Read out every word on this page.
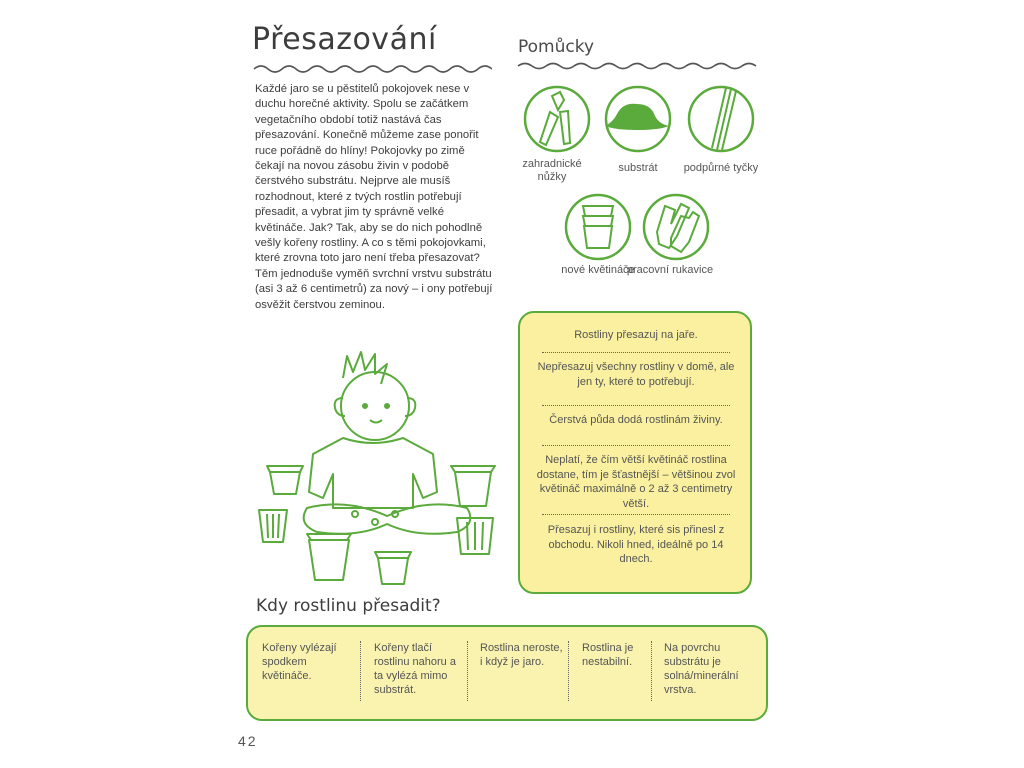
Přesazování

Každé jaro se u pěstitelů pokojovek nese v duchu horečné aktivity. Spolu se začátkem vegetačního období totiž nastává čas přesazování. Konečně můžeme zase ponořit ruce pořádně do hlíny! Pokojovky po zimě čekají na novou zásobu živin v podobě čerstvého substrátu. Nejprve ale musíš rozhodnout, které z tvých rostlin potřebují přesadit, a vybrat jim ty správně velké květináče. Jak? Tak, aby se do nich pohodlně vešly kořeny rostliny. A co s těmi pokojovkami, které zrovna toto jaro není třeba přesazovat? Těm jednoduše vyměň svrchní vrstvu substrátu (asi 3 až 6 centimetrů) za nový – i ony potřebují osvěžit čerstvou zeminou.

Pomůcky
zahradnické nůžky
substrát	podpůrné tyčky
nové květináče
pracovní rukavice
Rostliny přesazuj na jaře.
Nepřesazuj všechny rostliny v domě, ale jen ty, které to potřebují.
Čerstvá půda dodá rostlinám živiny.
Neplatí, že čím větší květináč rostlina dostane, tím je šťastnější – většinou zvol květináč maximálně o 2 až 3 centimetry větší.
Přesazuj i rostliny, které sis přinesl z obchodu. Nikoli hned, ideálně po 14 dnech.
Kdy rostlinu přesadit?
Kořeny vylézají spodkem květináče.
Kořeny tlačí rostlinu nahoru a ta vylézá mimo substrát.
Rostlina neroste, i když je jaro.
Rostlina je nestabilní.
Na povrchu substrátu je solná/minerální vrstva.
42
